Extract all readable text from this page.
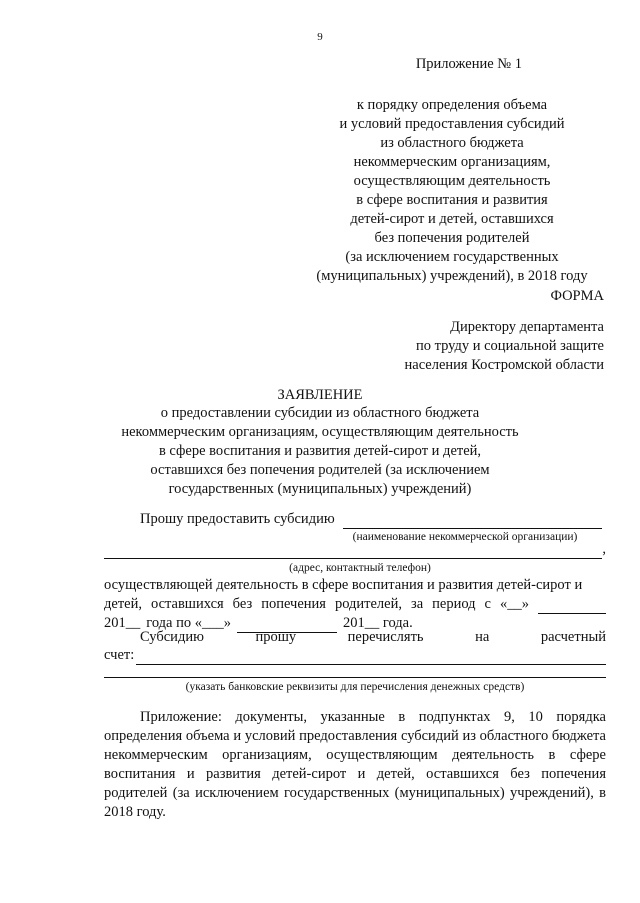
9
Приложение № 1
к порядку определения объема
и условий предоставления субсидий
из областного бюджета
некоммерческим организациям,
осуществляющим деятельность
в сфере воспитания и развития
детей-сирот и детей, оставшихся
без попечения родителей
(за исключением государственных
(муниципальных) учреждений), в 2018 году
ФОРМА
Директору департамента
по труду и социальной защите
населения Костромской области
ЗАЯВЛЕНИЕ
о предоставлении субсидии из областного бюджета
некоммерческим организациям, осуществляющим деятельность
в сфере воспитания и развития детей-сирот и детей,
оставшихся без попечения родителей (за исключением
государственных (муниципальных) учреждений)
Прошу предоставить субсидию
(наименование некоммерческой организации)
,
(адрес, контактный телефон)
осуществляющей деятельность в сфере воспитания и развития детей-сирот и
детей, оставшихся без попечения родителей, за период с «__»
201__ года по «___»	201__ года.
Субсидию	прошу	перечислять	на	расчетный
счет:
(указать банковские реквизиты для перечисления денежных средств)
Приложение: документы, указанные в подпунктах 9, 10 порядка определения объема и условий предоставления субсидий из областного бюджета некоммерческим организациям, осуществляющим деятельность в сфере воспитания и развития детей-сирот и детей, оставшихся без попечения родителей (за исключением государственных (муниципальных) учреждений), в 2018 году.
